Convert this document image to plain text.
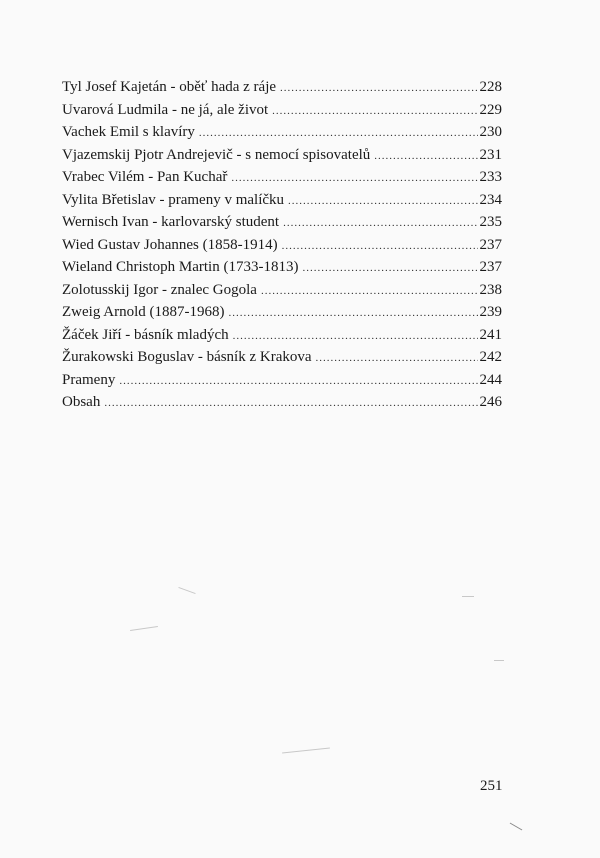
Tyl Josef Kajetán - oběť hada z ráje .....	228
Uvarová Ludmila - ne já, ale život .....	229
Vachek Emil s klavíry .....	230
Vjazemskij Pjotr Andrejevič - s nemocí spisovatelů .....	231
Vrabec Vilém - Pan Kuchař .....	233
Vylita Břetislav - prameny v malíčku .....	234
Wernisch Ivan - karlovarský student .....	235
Wied Gustav Johannes (1858-1914) .....	237
Wieland Christoph Martin (1733-1813) .....	237
Zolotusskij Igor - znalec Gogola .....	238
Zweig Arnold (1887-1968) .....	239
Žáček Jiří - básník mladých .....	241
Žurakowski Boguslav - básník z Krakova .....	242
Prameny .....	244
Obsah .....	246
251
